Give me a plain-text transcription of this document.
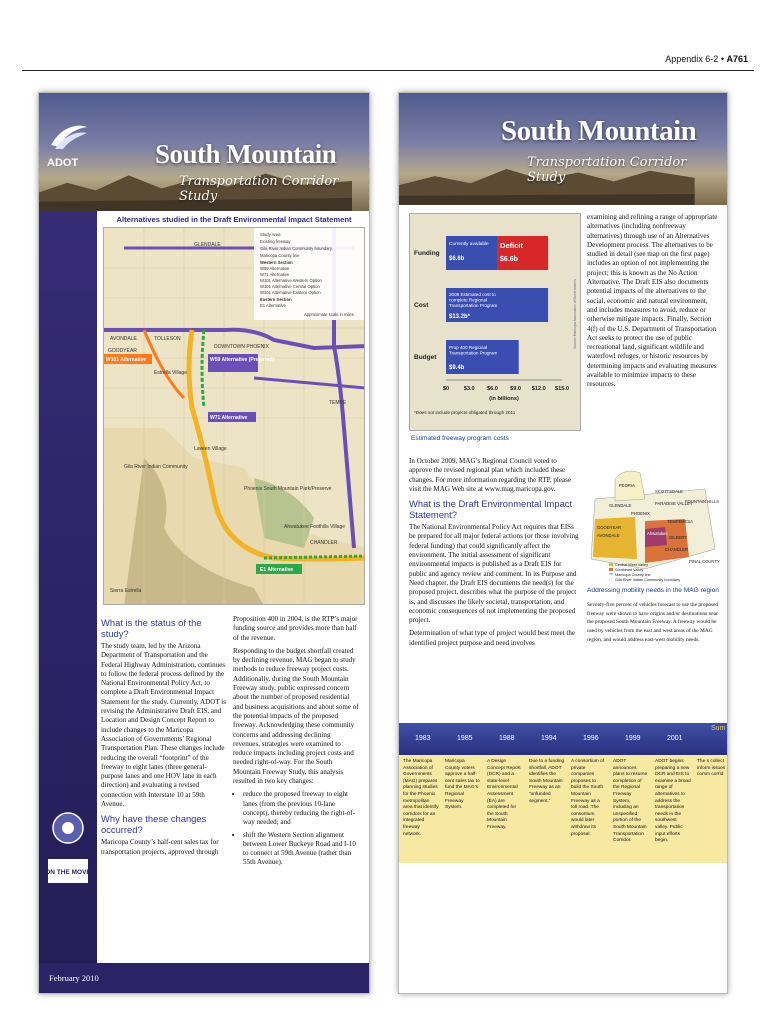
Appendix 6-2 • A761
ON THE MOVE
ADOT	South Mountain
Transportation Corridor Study
Alternatives studied in the Draft Environmental Impact Statement
AVONDALE	TOLLESON
GOODYEAR
GLENDALE
DOWNTOWN PHOENIX
TEMPE
Estrella Village
Laveen Village
Gila River Indian Community
Phoenix South Mountain Park/Preserve
Ahwatukee Foothills Village
CHANDLER
Sierra Estrella
W101 Alternative	W59 Alternative (Preferred)
W71 Alternative
E1 Alternative
Study Area
Existing freeway
Gila River Indian Community boundary
Maricopa County line
Western Section
W59 Alternative
W71 Alternative
W101 Alternative Western Option
W101 Alternative Central Option
W101 Alternative Eastern Option
Eastern Section
E1 Alternative
Approximate scale in miles
What is the status of the study?

The study team, led by the Arizona Department of Transportation and the Federal Highway Administration, continues to follow the federal process defined by the National Environmental Policy Act, to complete a Draft Environmental Impact Statement for the study. Currently, ADOT is revising the Administrative Draft EIS, and Location and Design Concept Report to include changes to the Maricopa Association of Governments’ Regional Transportation Plan. These changes include reducing the overall “footprint” of the freeway to eight lanes (three general-purpose lanes and one HOV lane in each direction) and evaluating a revised connection with Interstate 10 at 59th Avenue.

Why have these changes occurred?

Maricopa County’s half-cent sales tax for transportation projects, approved through

Proposition 400 in 2004, is the RTP’s major funding source and provides more than half of the revenue.

Responding to the budget shortfall created by declining revenue, MAG began to study methods to reduce freeway project costs. Additionally, during the South Mountain Freeway study, public expressed concern about the number of proposed residential and business acquisitions and about some of the potential impacts of the proposed freeway. Acknowledging these community concerns and addressing declining revenues, strategies were examined to reduce impacts including project costs and needed right-of-way. For the South Mountain Freeway Study, this analysis resulted in two key changes:

• reduce the proposed freeway to eight lanes (from the previous 10-lane concept), thereby reducing the right-of-way needed; and
• shift the Western Section alignment between Lower Buckeye Road and I-10 to connect at 59th Avenue (rather than 55th Avenue).
February 2010
South Mountain
Transportation Corridor Study
Funding
Cost
Budget
Currently available
$6.6b
Deficit
$6.6b
2009 Estimated cost to
complete Regional
Transportation Program
$13.2b*
Prop 400 Regional
Transportation Program
$9.4b
$0	$3.0 $6.0 $9.0 $12.0 $15.0
(in billions)
*Does not include projects obligated through 2011
Source: Maricopa Association of Governments
Estimated freeway program costs

examining and refining a range of appropriate alternatives (including nonfreeway alternatives) through use of an Alternatives Development process. The alternatives to be studied in detail (see map on the first page) includes an option of not implementing the project; this is known as the No Action Alternative. The Draft EIS also documents potential impacts of the alternatives to the social, economic and natural environment, and includes measures to avoid, reduce or otherwise mitigate impacts. Finally, Section 4(f) of the U.S. Department of Transportation Act seeks to protect the use of public recreational land, significant wildlife and waterfowl refuges, or historic resources by determining impacts and evaluating measures available to minimize impacts to these resources.

In October 2009, MAG’s Regional Council voted to approve the revised regional plan which included these changes. For more information regarding the RTP, please visit the MAG Web site at www.mag.maricopa.gov.

What is the Draft Environmental Impact Statement?

The National Environmental Policy Act requires that EISs be prepared for all major federal actions (or those involving federal funding) that could significantly affect the environment. The initial assessment of significant environmental impacts is published as a Draft EIS for public and agency review and comment. In its Purpose and Need chapter, the Draft EIS documents the need(s) for the proposed project, describes what the purpose of the project is, and discusses the likely societal, transportation, and economic consequences of not implementing the proposed project.

Determination of what type of project would best meet the identified project purpose and need involves

PEORIA
SCOTTSDALE
GLENDALE
PHOENIX
PARADISE VALLEY
FOUNTAIN HILLS
MESA
TEMPE
GILBERT
CHANDLER
GOODYEAR
AVONDALE
PINAL COUNTY
Ahwatukee
Central West Valley
Southeast Valley
Maricopa County line
Gila River Indian Community boundary
Addressing mobility needs in the MAG region

Seventy-five percent of vehicles forecast to use the proposed freeway were shown to have origins and/or destinations near the proposed South Mountain Freeway. A freeway would be used by vehicles from the east and west areas of the MAG region, and would address east-west mobility needs.

1983	1985	1988	1994	1996	1999	2001
Sum
The Maricopa Association of Governments (MAG) prepares planning studies for the Phoenix metropolitan area that identify corridors for an integrated freeway network.
Maricopa County voters approve a half-cent sales tax to fund the MAG’s Regional Freeway System.
A Design Concept Report (DCR) and a state-level Environmental Assessment (EA) are completed for the South Mountain Freeway.
Due to a funding shortfall, ADOT identifies the South Mountain Freeway as an “unfunded segment.”
A consortium of private companies proposes to build the South Mountain Freeway as a toll road. The consortium would later withdraw its proposal.
ADOT announces plans to resume completion of the Regional Freeway System, including an unspecified portion of the South Mountain Transportation Corridor.
ADOT begins preparing a new DCR and EIS to examine a broad range of alternatives to address the transportation needs in the southwest valley. Public input efforts begin.
The s collect inform issues comm corrid
